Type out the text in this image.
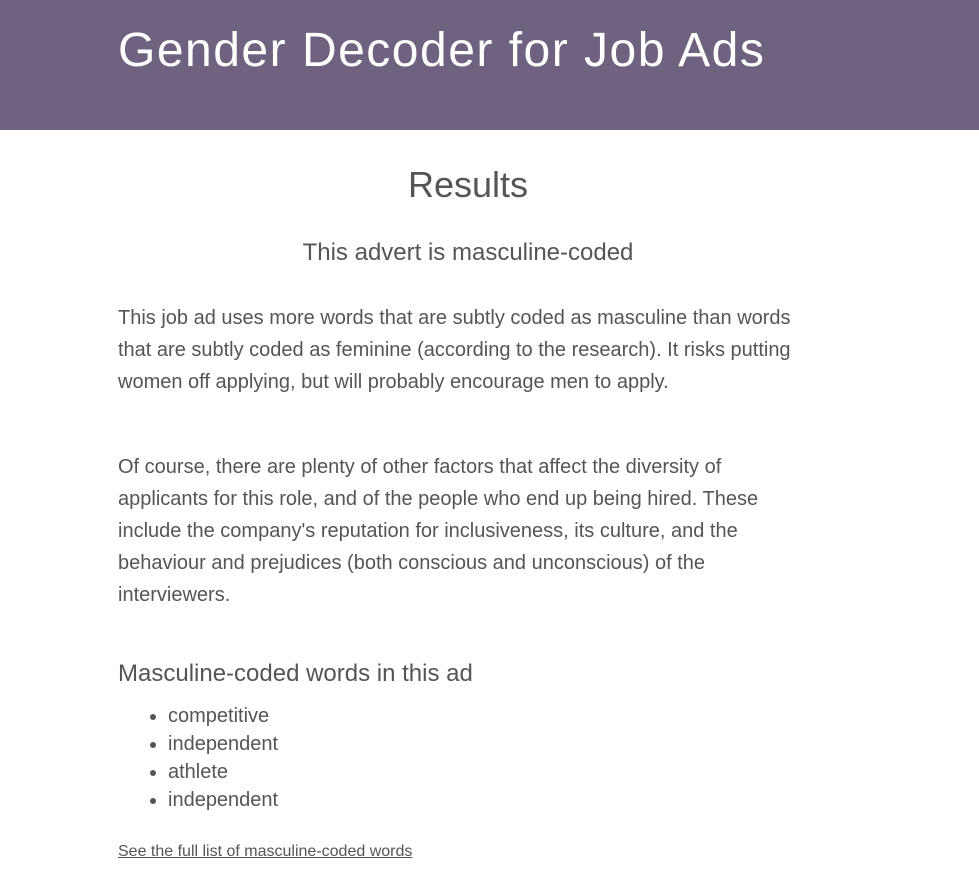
Gender Decoder for Job Ads
Results
This advert is masculine-coded

This job ad uses more words that are subtly coded as masculine than words that are subtly coded as feminine (according to the research). It risks putting women off applying, but will probably encourage men to apply.

Of course, there are plenty of other factors that affect the diversity of applicants for this role, and of the people who end up being hired. These include the company's reputation for inclusiveness, its culture, and the behaviour and prejudices (both conscious and unconscious) of the interviewers.

Masculine-coded words in this ad
• competitive
• independent
• athlete
• independent
See the full list of masculine-coded words
